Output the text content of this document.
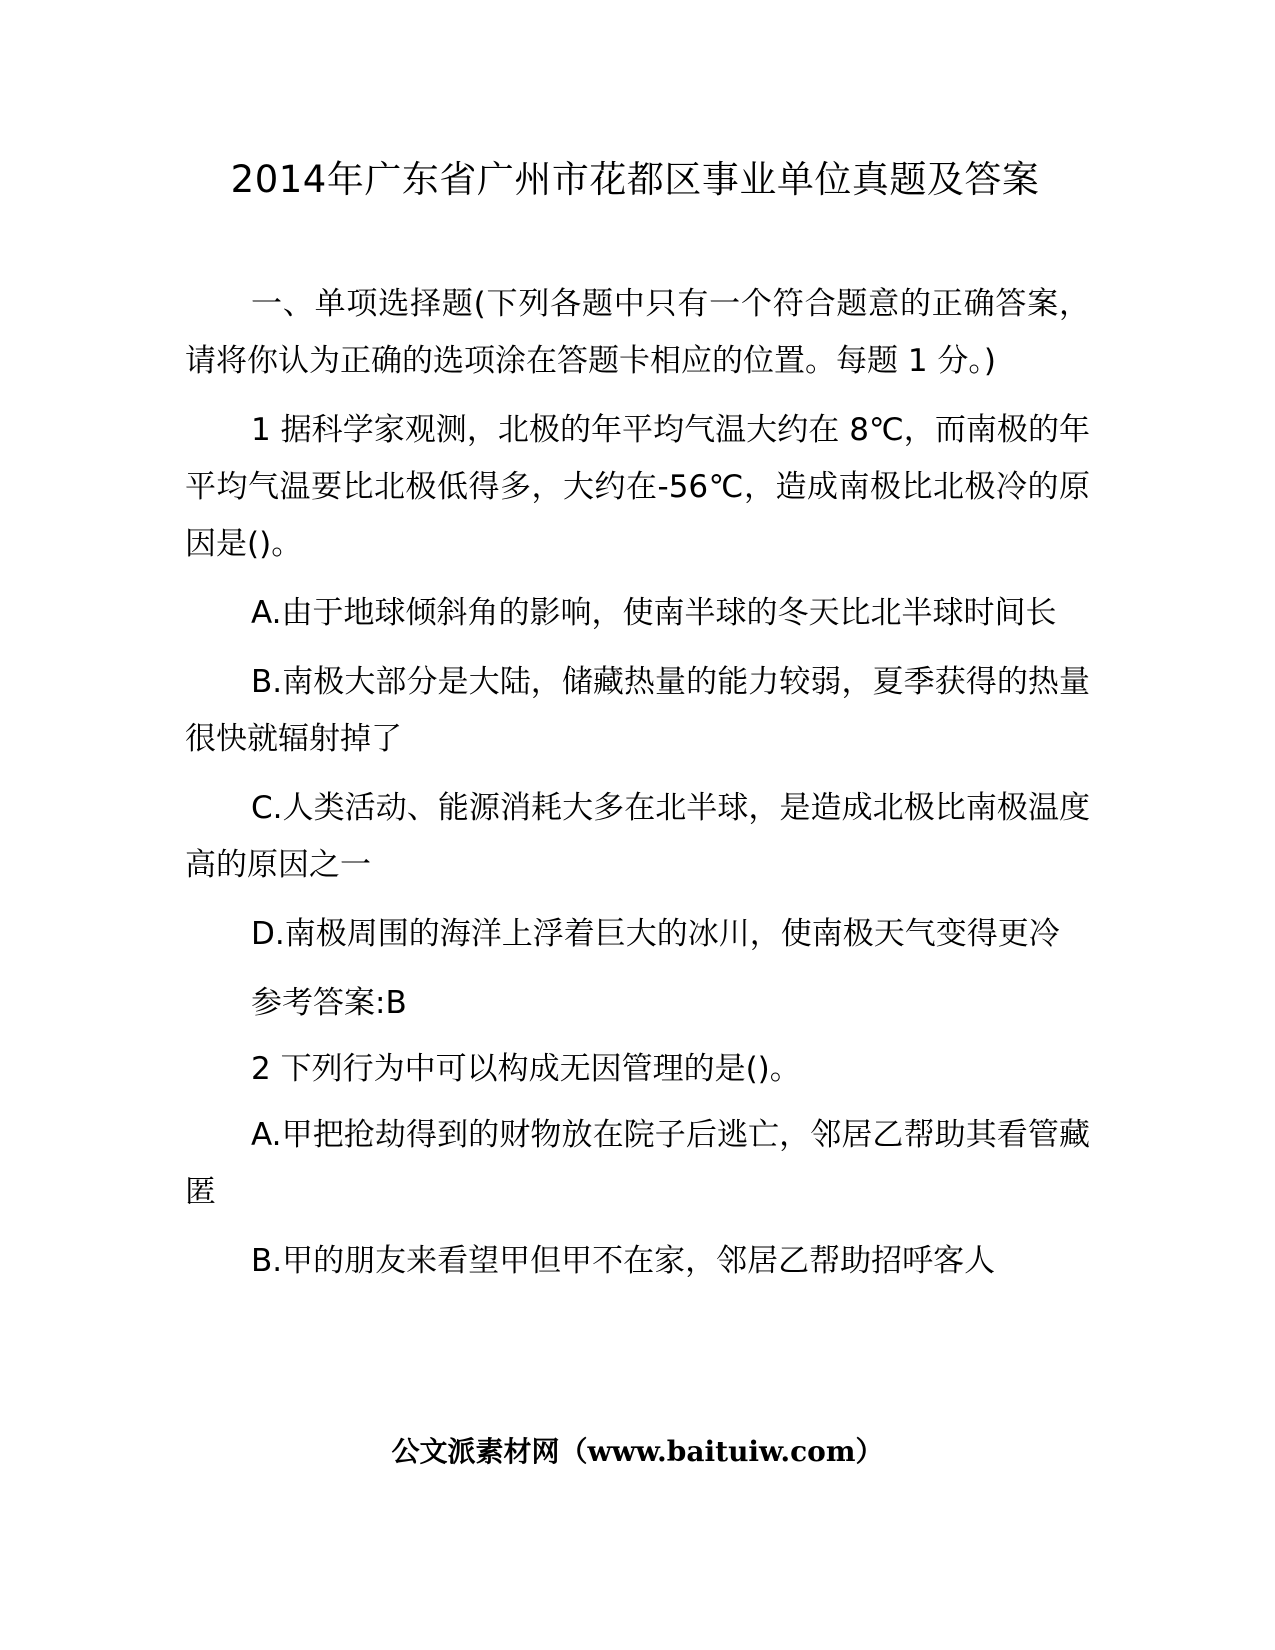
2014年广东省广州市花都区事业单位真题及答案

一、单项选择题(下列各题中只有一个符合题意的正确答案，请将你认为正确的选项涂在答题卡相应的位置。每题 1 分。)

1 据科学家观测，北极的年平均气温大约在 8℃，而南极的年平均气温要比北极低得多，大约在-56℃，造成南极比北极冷的原因是()。

A.由于地球倾斜角的影响，使南半球的冬天比北半球时间长

B.南极大部分是大陆，储藏热量的能力较弱，夏季获得的热量很快就辐射掉了

C.人类活动、能源消耗大多在北半球，是造成北极比南极温度高的原因之一

D.南极周围的海洋上浮着巨大的冰川，使南极天气变得更冷

参考答案:B

2 下列行为中可以构成无因管理的是()。

A.甲把抢劫得到的财物放在院子后逃亡，邻居乙帮助其看管藏匿

B.甲的朋友来看望甲但甲不在家，邻居乙帮助招呼客人

公文派素材网（www.baituiw.com）
